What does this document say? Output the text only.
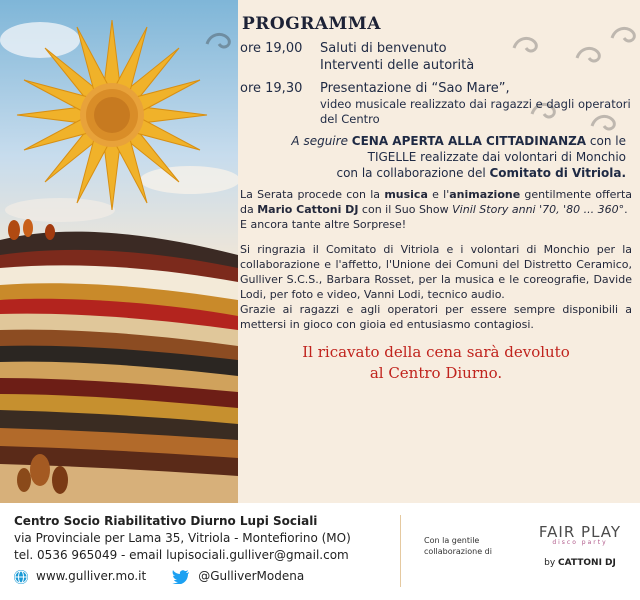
PROGRAMMA
ore 19,00	Saluti di benvenuto
Interventi delle autorità
ore 19,30	Presentazione di “Sao Mare”,
video musicale realizzato dai ragazzi e dagli operatori del Centro
A seguire CENA APERTA ALLA CITTADINANZA con le
TIGELLE realizzate dai volontari di Monchio
con la collaborazione del Comitato di Vitriola.

La Serata procede con la musica e l'animazione gentilmente offerta da Mario Cattoni DJ con il Suo Show Vinil Story anni '70, '80 ... 360°.
E ancora tante altre Sorprese!

Si ringrazia il Comitato di Vitriola e i volontari di Monchio per la collaborazione e l'affetto, l'Unione dei Comuni del Distretto Ceramico, Gulliver S.C.S., Barbara Rosset, per la musica e le coreografie, Davide Lodi, per foto e video, Vanni Lodi, tecnico audio.

Grazie ai ragazzi e agli operatori per essere sempre disponibili a mettersi in gioco con gioia ed entusiasmo contagiosi.

Il ricavato della cena sarà devoluto
al Centro Diurno.
Centro Socio Riabilitativo Diurno Lupi Sociali
via Provinciale per Lama 35, Vitriola - Montefiorino (MO)
tel. 0536 965049 - email lupisociali.gulliver@gmail.com
www.gulliver.mo.it	@GulliverModena
Con la gentile
collaborazione di
FAIR PLAY
disco party
by CATTONI DJ
